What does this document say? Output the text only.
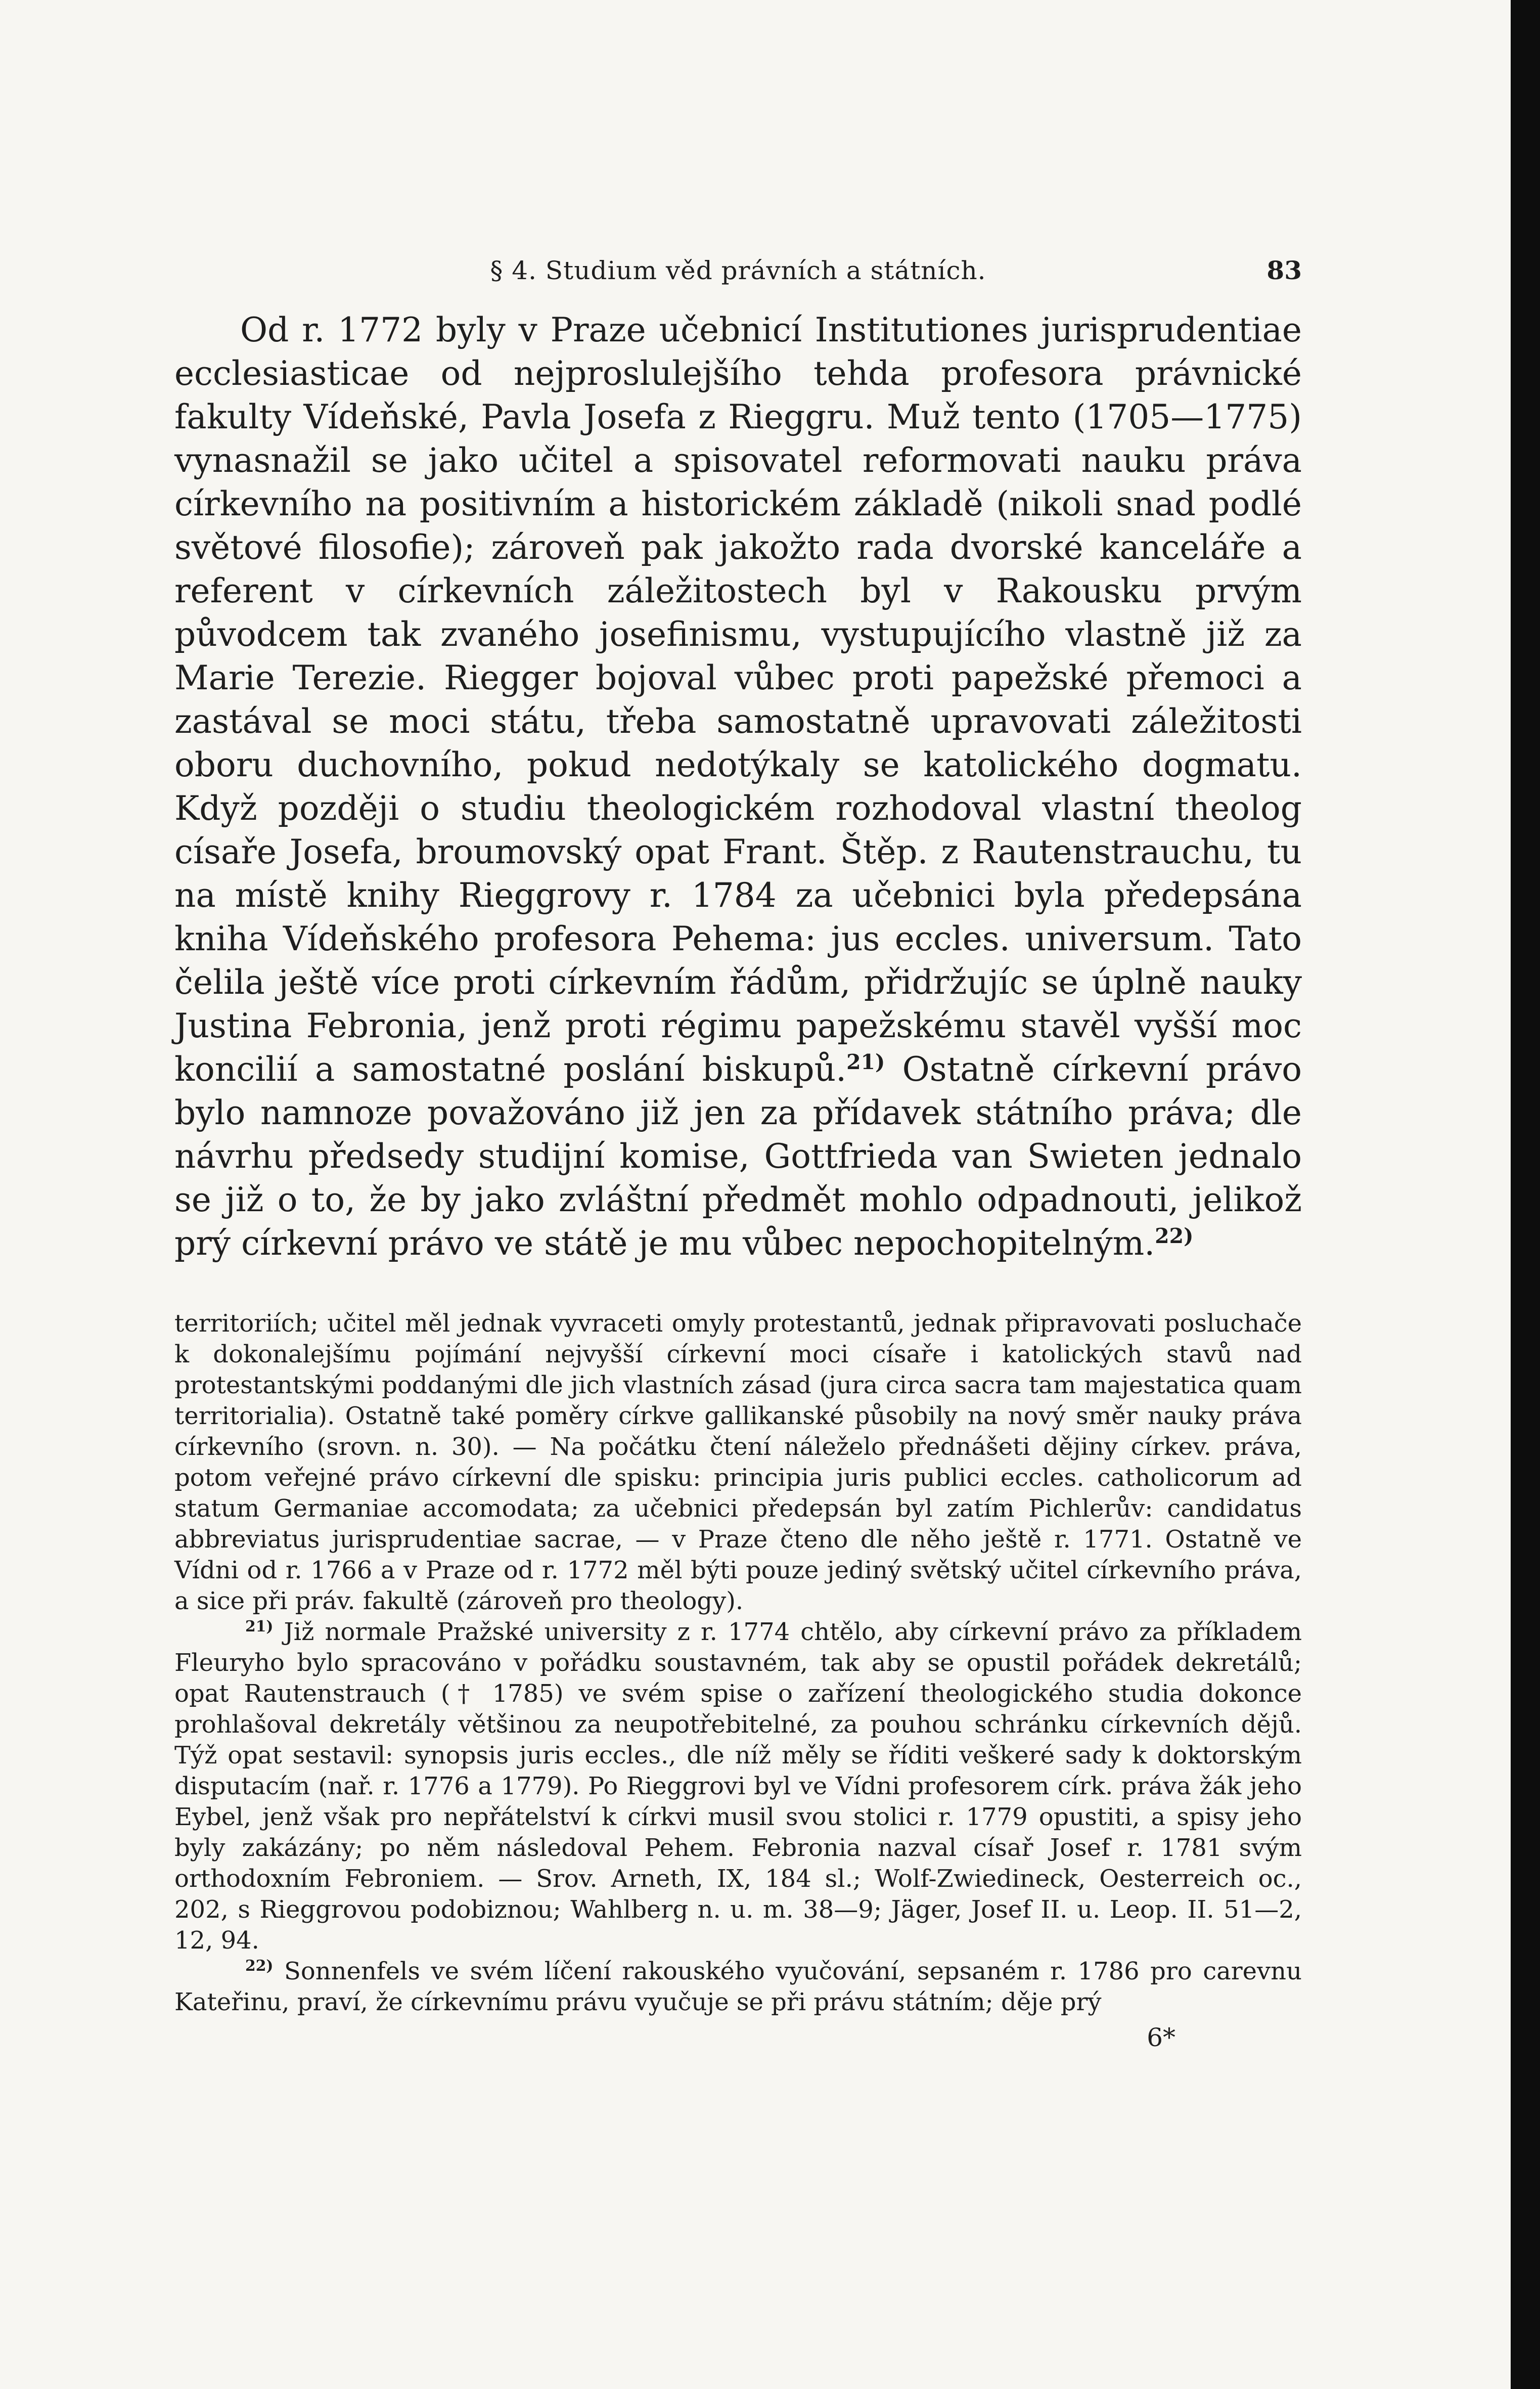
§ 4. Studium věd právních a státních.	83

Od r. 1772 byly v Praze učebnicí Institutiones jurisprudentiae ecclesiasticae od nejproslulejšího tehda profesora právnické fakulty Vídeňské, Pavla Josefa z Rieggru. Muž tento (1705—1775) vynasnažil se jako učitel a spisovatel reformovati nauku práva církevního na positivním a historickém základě (nikoli snad podlé světové filosofie); zároveň pak jakožto rada dvorské kanceláře a referent v církevních záležitostech byl v Rakousku prvým původcem tak zvaného josefinismu, vystupujícího vlastně již za Marie Terezie. Riegger bojoval vůbec proti papežské přemoci a zastával se moci státu, třeba samostatně upravovati záležitosti oboru duchovního, pokud nedotýkaly se katolického dogmatu. Když později o studiu theologickém rozhodoval vlastní theolog císaře Josefa, broumovský opat Frant. Štěp. z Rautenstrauchu, tu na místě knihy Rieggrovy r. 1784 za učebnici byla předepsána kniha Vídeňského profesora Pehema: jus eccles. universum. Tato čelila ještě více proti církevním řádům, přidržujíc se úplně nauky Justina Febronia, jenž proti régimu papežskému stavěl vyšší moc koncilií a samostatné poslání biskupů.$^{21)}$ Ostatně církevní právo bylo namnoze považováno již jen za přídavek státního práva; dle návrhu předsedy studijní komise, Gottfrieda van Swieten jednalo se již o to, že by jako zvláštní předmět mohlo odpadnouti, jelikož prý církevní právo ve státě je mu vůbec nepochopitelným.$^{22)}$

territoriích; učitel měl jednak vyvraceti omyly protestantů, jednak připravovati posluchače k dokonalejšímu pojímání nejvyšší církevní moci císaře i katolických stavů nad protestantskými poddanými dle jich vlastních zásad (jura circa sacra tam majestatica quam territorialia). Ostatně také poměry církve gallikanské působily na nový směr nauky práva církevního (srovn. n. 30). — Na počátku čtení náleželo přednášeti dějiny církev. práva, potom veřejné právo církevní dle spisku: principia juris publici eccles. catholicorum ad statum Germaniae accomodata; za učebnici předepsán byl zatím Pichlerův: candidatus abbreviatus jurisprudentiae sacrae, — v Praze čteno dle něho ještě r. 1771. Ostatně ve Vídni od r. 1766 a v Praze od r. 1772 měl býti pouze jediný světský učitel církevního práva, a sice při práv. fakultě (zároveň pro theology).

$^{21)}$ Již normale Pražské university z r. 1774 chtělo, aby církevní právo za příkladem Fleuryho bylo spracováno v pořádku soustavném, tak aby se opustil pořádek dekretálů; opat Rautenstrauch († 1785) ve svém spise o zařízení theologického studia dokonce prohlašoval dekretály většinou za neupotřebitelné, za pouhou schránku církevních dějů. Týž opat sestavil: synopsis juris eccles., dle níž měly se říditi veškeré sady k doktorským disputacím (nař. r. 1776 a 1779). Po Rieggrovi byl ve Vídni profesorem círk. práva žák jeho Eybel, jenž však pro nepřátelství k církvi musil svou stolici r. 1779 opustiti, a spisy jeho byly zakázány; po něm následoval Pehem. Febronia nazval císař Josef r. 1781 svým orthodoxním Febroniem. — Srov. Arneth, IX, 184 sl.; Wolf-Zwiedineck, Oesterreich oc., 202, s Rieggrovou podobiznou; Wahlberg n. u. m. 38—9; Jäger, Josef II. u. Leop. II. 51—2, 12, 94.

$^{22)}$ Sonnenfels ve svém líčení rakouského vyučování, sepsaném r. 1786 pro carevnu Kateřinu, praví, že církevnímu právu vyučuje se při právu státním; děje prý

6*
